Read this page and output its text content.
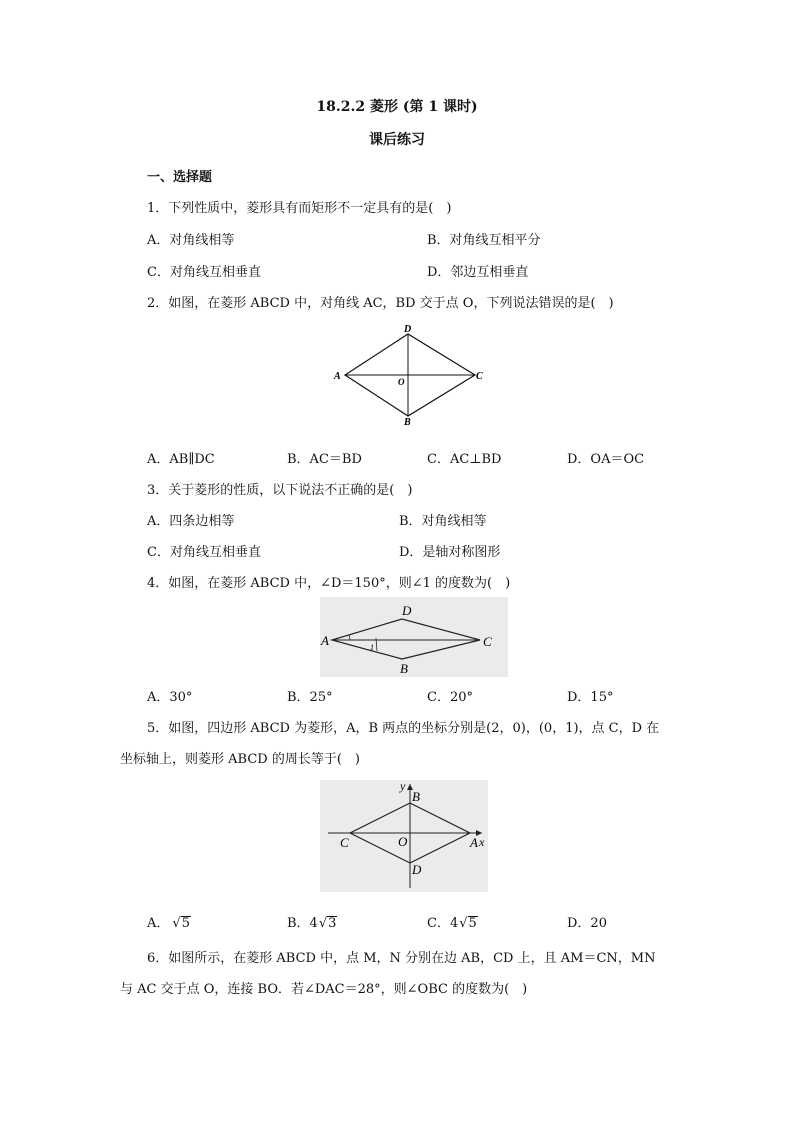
18.2.2 菱形 (第 1 课时)
课后练习
一、选择题
1．下列性质中，菱形具有而矩形不一定具有的是(　)
A．对角线相等	B．对角线互相平分
C．对角线互相垂直	D．邻边互相垂直
2．如图，在菱形 ABCD 中，对角线 AC，BD 交于点 O，下列说法错误的是(　)
A
B
C
D
O
A．AB∥DC	B．AC＝BD	C．AC⊥BD	D．OA＝OC
3．关于菱形的性质，以下说法不正确的是(　)
A．四条边相等	B．对角线相等
C．对角线互相垂直	D．是轴对称图形
4．如图，在菱形 ABCD 中，∠D＝150°，则∠1 的度数为(　)
A
B
C
D
1
A．30°	B．25°	C．20°	D．15°
5．如图，四边形 ABCD 为菱形，A，B 两点的坐标分别是(2，0)，(0，1)，点 C，D 在
坐标轴上，则菱形 ABCD 的周长等于(　)
A
B
C
D
O	x
y
A． √5	B．4√3	C．4√5	D．20
6．如图所示，在菱形 ABCD 中，点 M，N 分别在边 AB，CD 上，且 AM＝CN，MN
与 AC 交于点 O，连接 BO．若∠DAC＝28°，则∠OBC 的度数为(　)
